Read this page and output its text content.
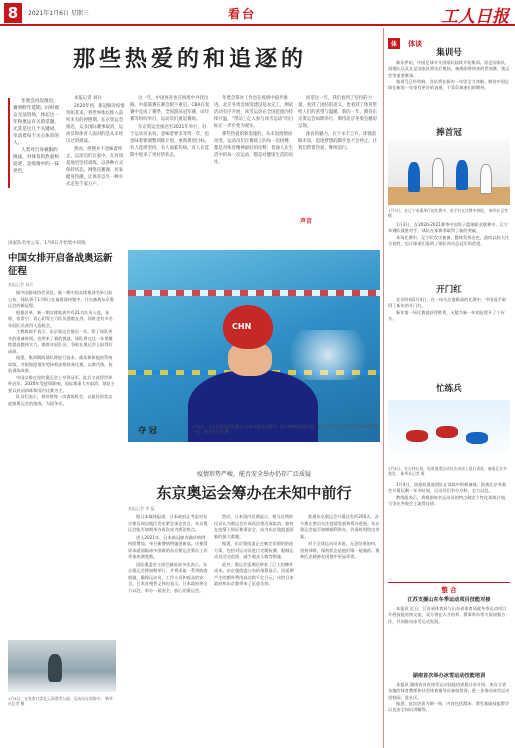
8	2021年1月6日 星期三	看台	工人日报
那些热爱的和追逐的

冬奥会再次推迟，赛事跨年延期，同时观众无法进场，体坛这一年和奥运有关的话题，尤其是这几个关键词，牵动着每个关心体育的人。

人类对自身极限的挑战，对体育的热爱和追逐，是疫情中的一抹亮色。

本报记者 刘兵

2020年初，新冠肺炎疫情突如其来，将世界体坛推入前所未有的停摆期。东京奥运会推迟，众多国际赛事取消，运动员和体育人面对的是从未经历过的挑战。

然而，停摆并不意味着停止。运动员们在家中、在封闭基地里坚持训练，以各种方式保持状态。网络直播课、居家健身热潮，让体育以另一种方式走进千家万户。

这一年，中国体育也在困境中寻找出路。中超联赛在赛会制下重启，CBA在复赛中完成了赛季，全国游泳冠军赛、田径赛等纷纷举行，运动员们重返赛场。

东京奥运会推迟至2021年举行，对于运动员来说，意味着要多等待一年，也意味着要调整训练计划、重新规划目标。有人选择坚持，有人面临伤病，有人在延期中迎来了更好的状态。

冬奥会筹办工作也在疫情中稳步推进。北京冬奥会场馆建设基本完工，测试活动有序开展，冰雪运动在全国范围内持续升温，“带动三亿人参与冰雪运动”的目标正一步步变为现实。

那些热爱的和追逐的，从未因疫情而改变。运动员们在赛场上的每一次拼搏，都是对体育精神最好的诠释；普通人在生活中的每一次运动，都是对健康生活的向往。

回望这一年，我们看到了坚持的力量，看到了团结的意义，也看到了体育带给人们的希望与温暖。新的一年，期待东京奥运会如期举行，期待北京冬奥会精彩呈现。

体育的魅力，在于永不言弃。即使前路未知，追逐梦想的脚步也不会停止。让我们带着热爱，继续前行。

CHN
夺 冠	1月5日，在全国游泳冠军赛女子100米蛙泳决赛中，选手冲刺后庆祝夺冠。本次比赛是东京奥运会选拔赛的重要一站。 新华社记者 摄
国家队名单公布，1月6日开始集中训练
中国女排开启备战奥运新征程
本报记者 刘兵

据中国排球协会消息，新一期中国女排集训名单日前公布，球队将于1月6日在福建漳州集中，开启备战东京奥运会的新征程。

根据名单，新一期女排集训共有21名队员入选，朱婷、张常宁、袁心玥等主力队员悉数在列，同时也有多名年轻队员获得入选机会。

主教练郎平表示，东京奥运会推迟一年，给了球队更多的准备时间，也带来了新的挑战。球队将在这一年里继续提高整体实力，锻炼年轻队员，争取在奥运会上取得好成绩。

据悉，集训期间球队将进行技术、战术和体能的系统训练，并根据疫情形势择机安排热身比赛，以赛代练，检验训练成果。

中国女排在里约奥运会上夺得冠军，此后又获得世界杯冠军。2020年受疫情影响，国际赛事大多取消，球队主要以封闭训练和国内比赛为主。

队员们表示，将珍惜每一次训练机会，以最好的状态迎接奥运会的挑战，为国争光。

1月4日，在张家口崇礼云顶滑雪公园，运动员在训练中。 新华社记者 摄
疫情形势严峻，能否安全举办仍存广泛质疑
东京奥运会筹办在未知中前行
本报记者 李 磊

据日本媒体报道，日本政府正考虑对东京都及周边地区发布紧急事态宣言，东京奥运会能否如期举办再次成为舆论焦点。

进入2021年，日本新冠肺炎确诊病例持续增加，单日新增病例屡创新高。这使得原本就面临诸多困难的东京奥运会筹办工作更加充满变数。

国际奥委会主席巴赫此前多次表示，东京奥运会将如期举行，并将采取一系列防疫措施，确保运动员、工作人员和观众的安全。日本首相菅义伟也表示，日本政府将全力以赴，举办一届安全、放心的奥运会。

然而，日本国内民调显示，相当比例的民众认为奥运会应该再次推迟或取消。如何在疫情下保证赛事安全，成为东京奥组委面临的最大难题。

据悉，东京奥组委正在制定详细的防疫方案，包括对运动员进行定期检测、限制运动员活动范围、减少观众人数等措施。

此外，奥运会延期还带来了巨大的额外成本。东京奥组委公布的预算显示，因延期产生的额外费用高达数千亿日元，这给日本政府和东京都带来了沉重负担。

距离东京奥运会开幕还有约200天，各方都在密切关注疫情发展和筹办进展。东京奥运会能否如期顺利举办，仍需时间给出答案。

对于全球运动员来说，无论结果如何，坚持训练、保持状态是他们唯一能做的。奥林匹克精神在困境中更显珍贵。

声音
体 体谈
集训号

新年伊始，中国足球多支国家队陆续开始集训。男足国家队、国奥队以及女足国家队将先后集结，备战即将到来的世预赛、奥运会等重要赛事。

集训号已经吹响，各队将在新的一年里全力冲刺。期待中国足球在新的一年里有更好的表现，不辜负球迷们的期待。

捧首冠
1月3日，在辽宁本溪举行的比赛中，选手们在比赛中拼抢。 新华社记者 摄

1月3日，在2020-2021赛季中国男子篮球职业联赛中，辽宁本钢队战胜对手，球队在本赛季取得了新的突破。

本场比赛中，辽宁队攻守兼备，整体发挥出色，最终以较大比分获胜，也让球迷们看到了球队冲击总冠军的希望。

开门红

北京时间1月4日，在一场关注度极高的比赛中，中国选手取得了新年的开门红。

新年第一场比赛就获得胜利，无疑为新一年的征程开了个好头。

忙练兵
1月4日，在吉林长春，短道速滑运动员在冰场上进行训练，备战北京冬奥会。 新华社记者 摄

1月4日，国家短道速滑队在训练中积极备战。距离北京冬奥会开幕仅剩一年多时间，运动员们争分夺秒，全力以赴。

教练组表示，将根据每名运动员的特点制定个性化训练计划，力争在冬奥会上取得佳绩。

整 合
江苏支援山东冬季运动项目技能对接

本报讯 近日，江苏省体育局与山东省体育局就冬季运动项目开展技能对接交流，双方将在人才培养、赛事举办等方面加强合作，共同推动冰雪运动发展。

湖南首次举办冰雪运动技能培训

本报讯 湖南省首次冰雪运动技能培训班日前开班，来自全省各地的体育教师和社会体育指导员参加培训，进一步推动冰雪运动进校园、进社区。

据悉，此次培训为期一周，内容包括滑冰、滑雪基础技能教学以及安全知识讲解等。
